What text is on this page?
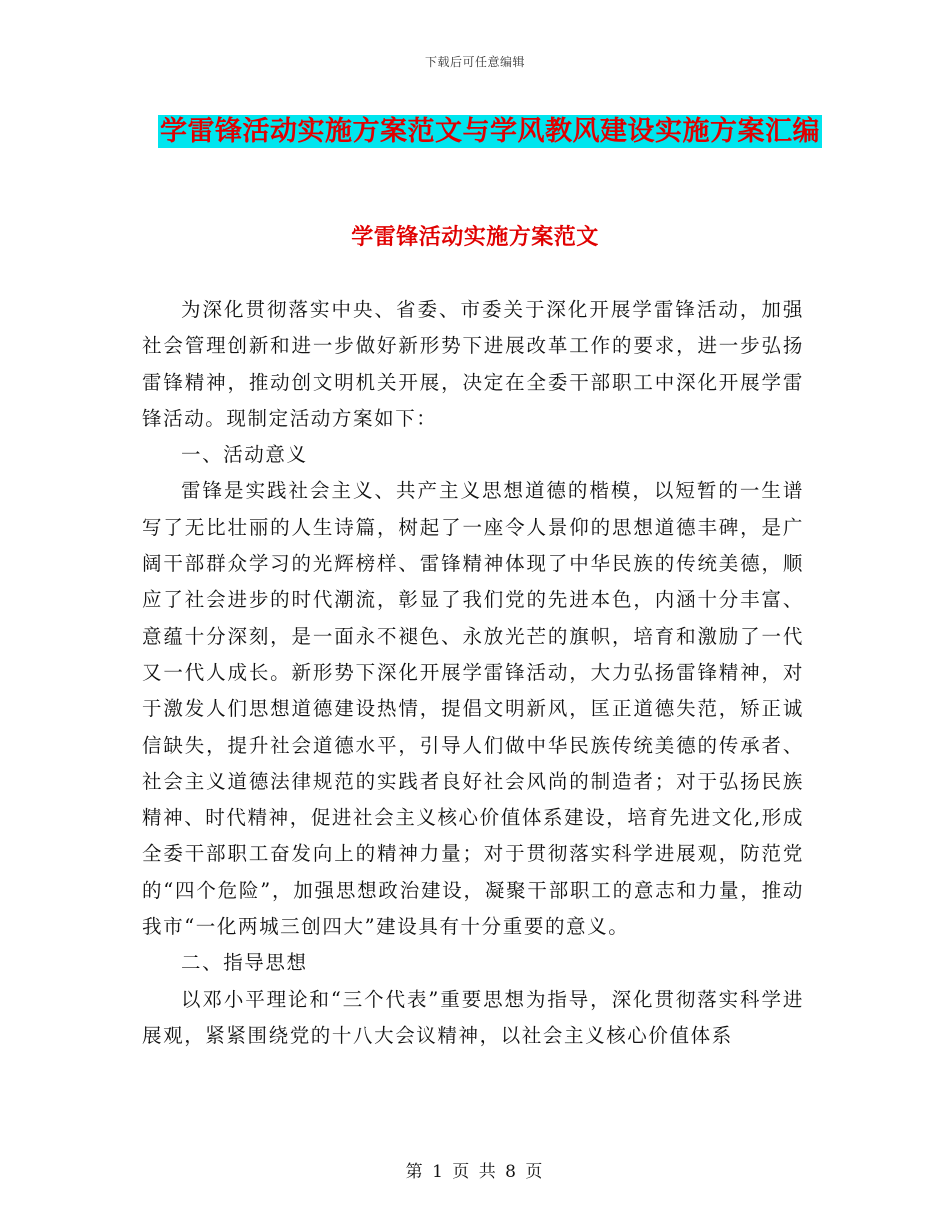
下载后可任意编辑
学雷锋活动实施方案范文与学风教风建设实施方案汇编
学雷锋活动实施方案范文

为深化贯彻落实中央、省委、市委关于深化开展学雷锋活动，加强社会管理创新和进一步做好新形势下进展改革工作的要求，进一步弘扬雷锋精神，推动创文明机关开展，决定在全委干部职工中深化开展学雷锋活动。现制定活动方案如下：

一、活动意义

雷锋是实践社会主义、共产主义思想道德的楷模，以短暂的一生谱写了无比壮丽的人生诗篇，树起了一座令人景仰的思想道德丰碑，是广阔干部群众学习的光辉榜样、雷锋精神体现了中华民族的传统美德，顺应了社会进步的时代潮流，彰显了我们党的先进本色，内涵十分丰富、意蕴十分深刻，是一面永不褪色、永放光芒的旗帜，培育和激励了一代又一代人成长。新形势下深化开展学雷锋活动，大力弘扬雷锋精神，对于激发人们思想道德建设热情，提倡文明新风，匡正道德失范，矫正诚信缺失，提升社会道德水平，引导人们做中华民族传统美德的传承者、社会主义道德法律规范的实践者良好社会风尚的制造者；对于弘扬民族精神、时代精神，促进社会主义核心价值体系建设，培育先进文化,形成全委干部职工奋发向上的精神力量；对于贯彻落实科学进展观，防范党的“四个危险”，加强思想政治建设，凝聚干部职工的意志和力量，推动我市“一化两城三创四大”建设具有十分重要的意义。

二、指导思想

以邓小平理论和“三个代表”重要思想为指导，深化贯彻落实科学进展观，紧紧围绕党的十八大会议精神，以社会主义核心价值体系

第 1 页 共 8 页
